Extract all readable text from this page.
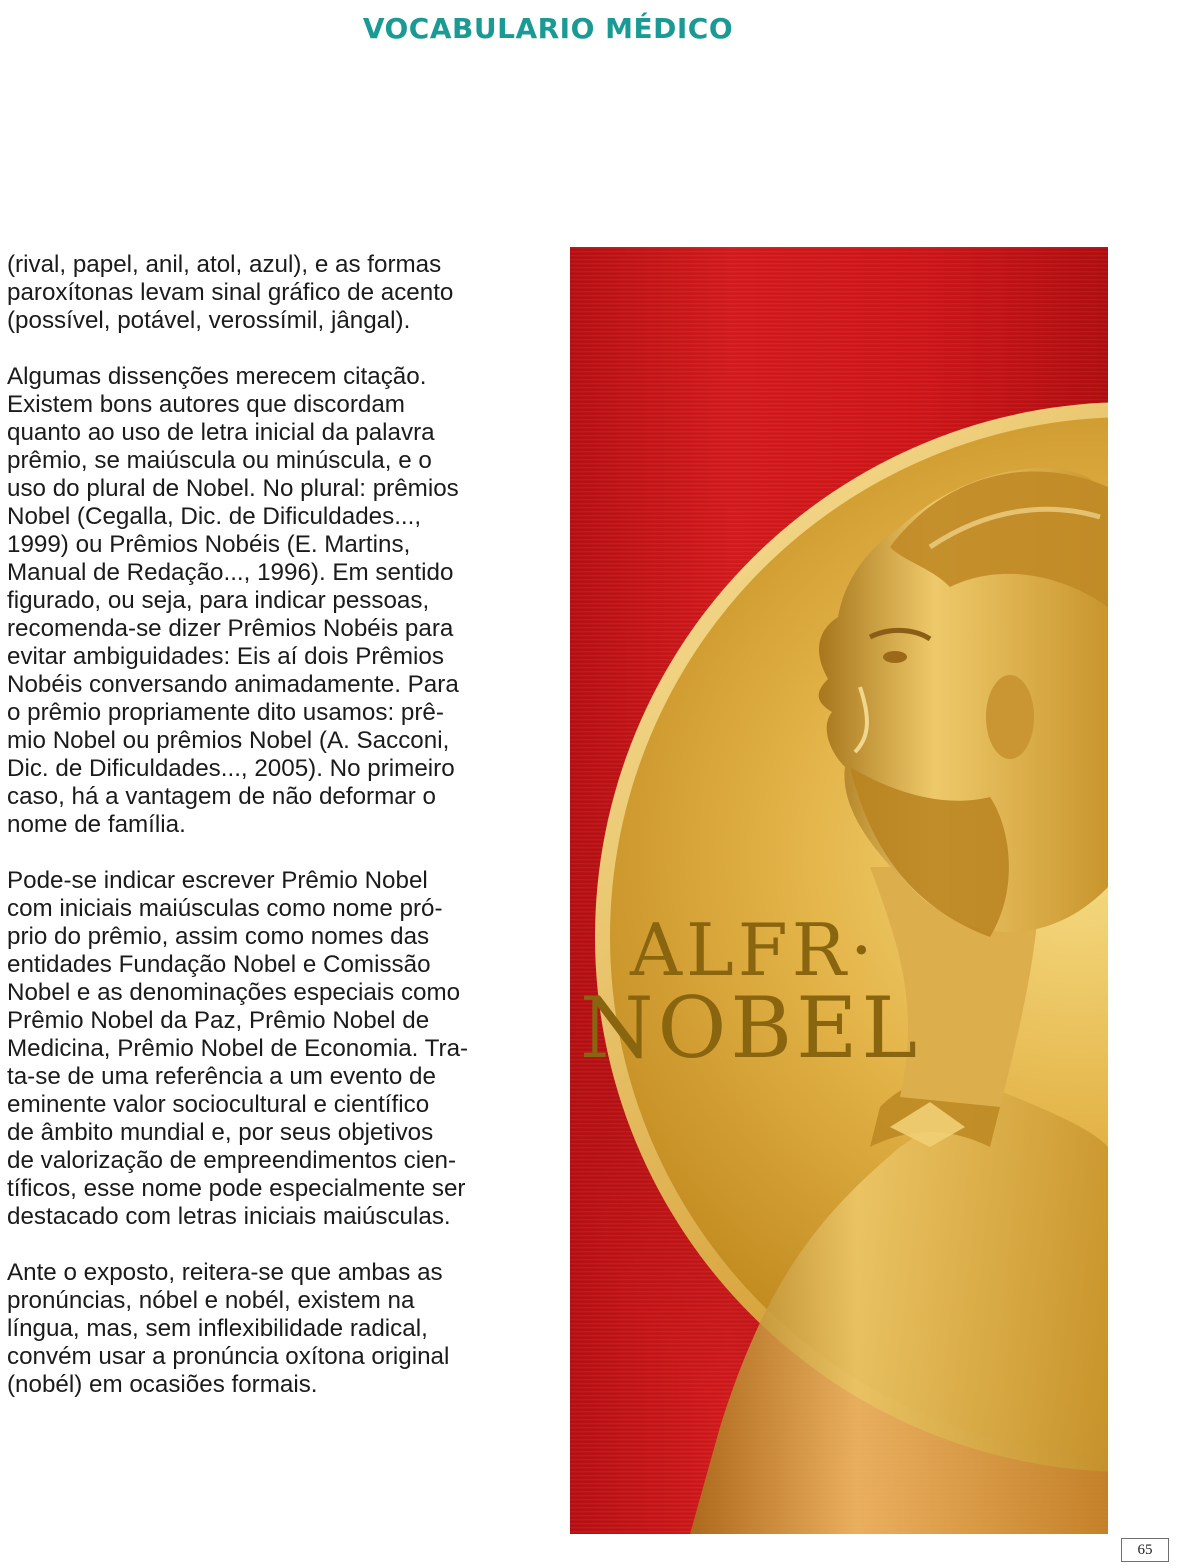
VOCABULARIO MÉDICO
(rival, papel, anil, atol, azul), e as formas
paroxítonas levam sinal gráfico de acento
(possível, potável, verossímil, jângal).
Algumas dissenções merecem citação.
Existem bons autores que discordam
quanto ao uso de letra inicial da palavra
prêmio, se maiúscula ou minúscula, e o
uso do plural de Nobel. No plural: prêmios
Nobel (Cegalla, Dic. de Dificuldades...,
1999) ou Prêmios Nobéis (E. Martins,
Manual de Redação..., 1996). Em sentido
figurado, ou seja, para indicar pessoas,
recomenda-se dizer Prêmios Nobéis para
evitar ambiguidades: Eis aí dois Prêmios
Nobéis conversando animadamente. Para
o prêmio propriamente dito usamos: prê-
mio Nobel ou prêmios Nobel (A. Sacconi,
Dic. de Dificuldades..., 2005). No primeiro
caso, há a vantagem de não deformar o
nome de família.
Pode-se indicar escrever Prêmio Nobel
com iniciais maiúsculas como nome pró-
prio do prêmio, assim como nomes das
entidades Fundação Nobel e Comissão
Nobel e as denominações especiais como
Prêmio Nobel da Paz, Prêmio Nobel de
Medicina, Prêmio Nobel de Economia. Tra-
ta-se de uma referência a um evento de
eminente valor sociocultural e científico
de âmbito mundial e, por seus objetivos
de valorização de empreendimentos cien-
tíficos, esse nome pode especialmente ser
destacado com letras iniciais maiúsculas.
Ante o exposto, reitera-se que ambas as
pronúncias, nóbel e nobél, existem na
língua, mas, sem inflexibilidade radical,
convém usar a pronúncia oxítona original
(nobél) em ocasiões formais.
ALFR·
NOBEL
65
